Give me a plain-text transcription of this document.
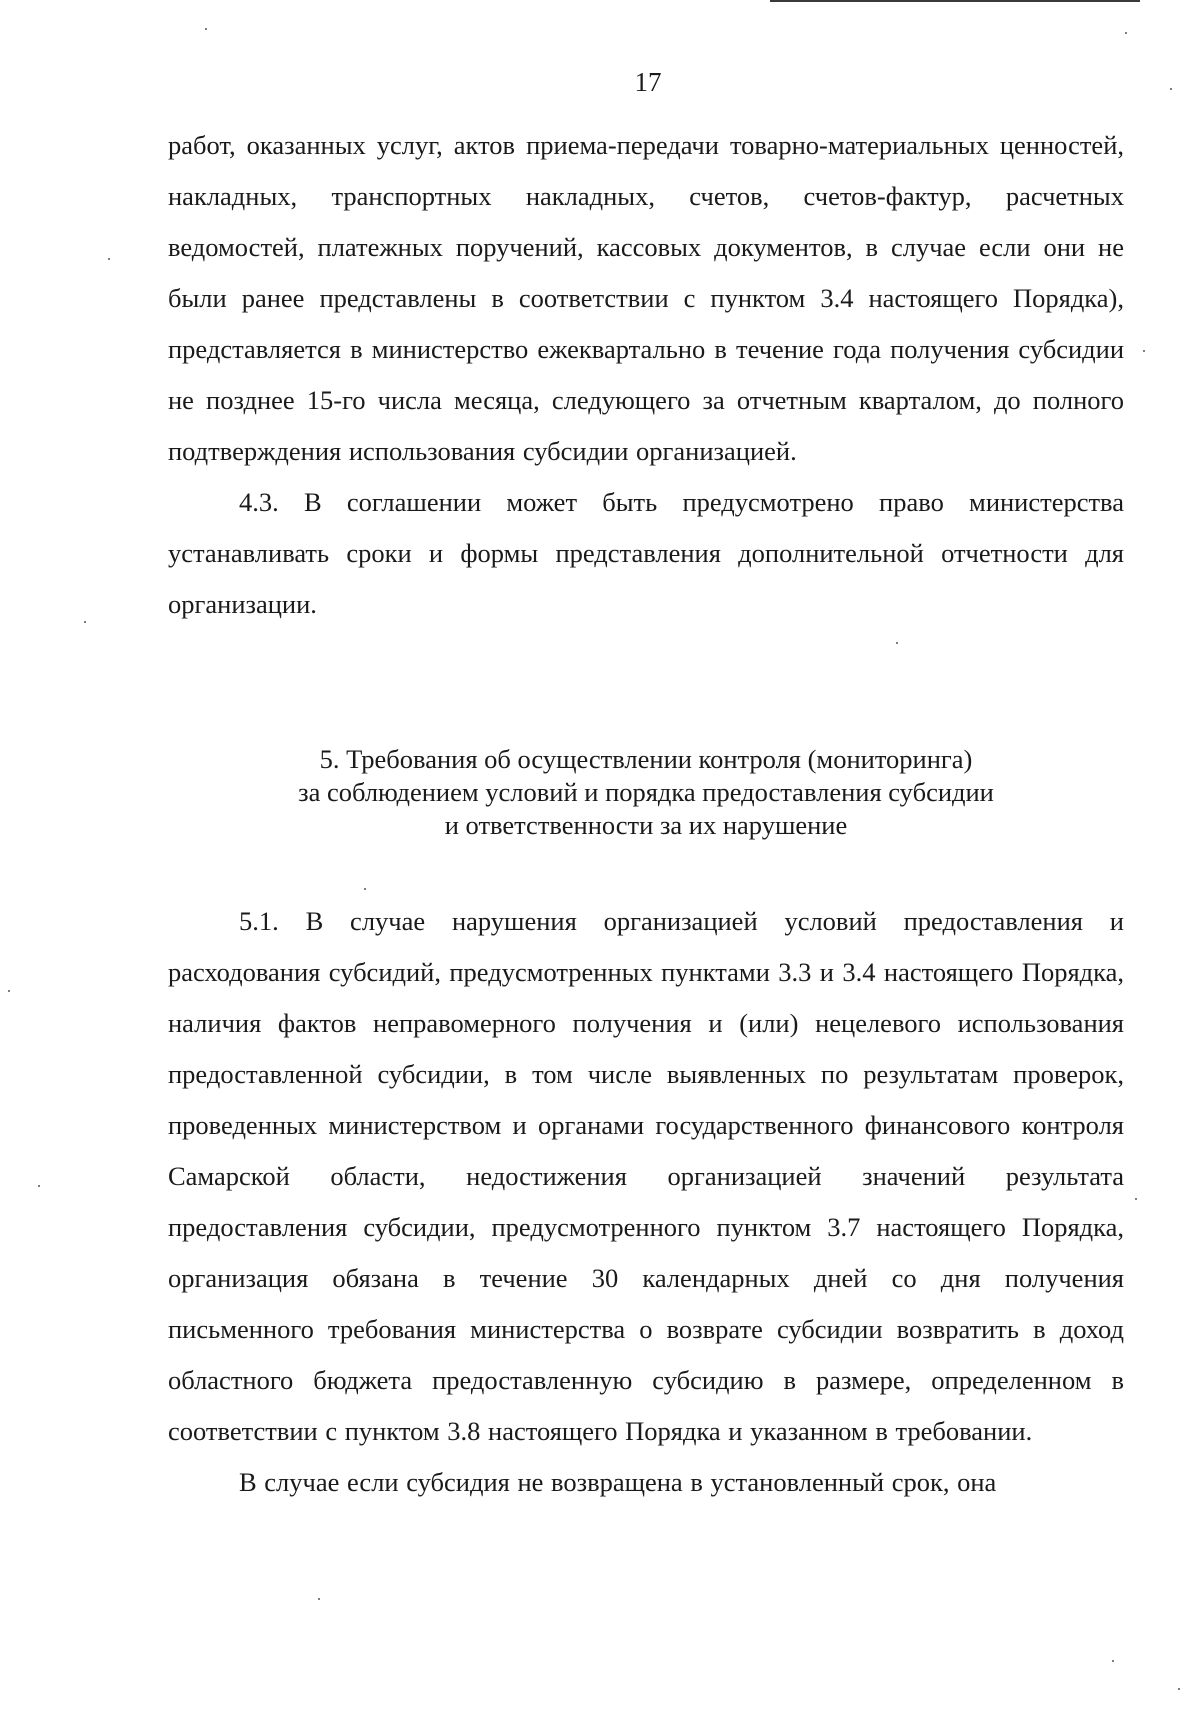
17

работ, оказанных услуг, актов приема-передачи товарно-материальных ценностей, накладных, транспортных накладных, счетов, счетов-фактур, расчетных ведомостей, платежных поручений, кассовых документов, в случае если они не были ранее представлены в соответствии с пунктом 3.4 настоящего Порядка), представляется в министерство ежеквартально в течение года получения субсидии не позднее 15-го числа месяца, следующего за отчетным кварталом, до полного подтверждения использования субсидии организацией.

4.3. В соглашении может быть предусмотрено право министерства устанавливать сроки и формы представления дополнительной отчетности для организации.

5. Требования об осуществлении контроля (мониторинга)
за соблюдением условий и порядка предоставления субсидии
и ответственности за их нарушение

5.1. В случае нарушения организацией условий предоставления и расходования субсидий, предусмотренных пунктами 3.3 и 3.4 настоящего Порядка, наличия фактов неправомерного получения и (или) нецелевого использования предоставленной субсидии, в том числе выявленных по результатам проверок, проведенных министерством и органами государственного финансового контроля Самарской области, недостижения организацией значений результата предоставления субсидии, предусмотренного пунктом 3.7 настоящего Порядка, организация обязана в течение 30 календарных дней со дня получения письменного требования министерства о возврате субсидии возвратить в доход областного бюджета предоставленную субсидию в размере, определенном в соответствии с пунктом 3.8 настоящего Порядка и указанном в требовании.

В случае если субсидия не возвращена в установленный срок, она
